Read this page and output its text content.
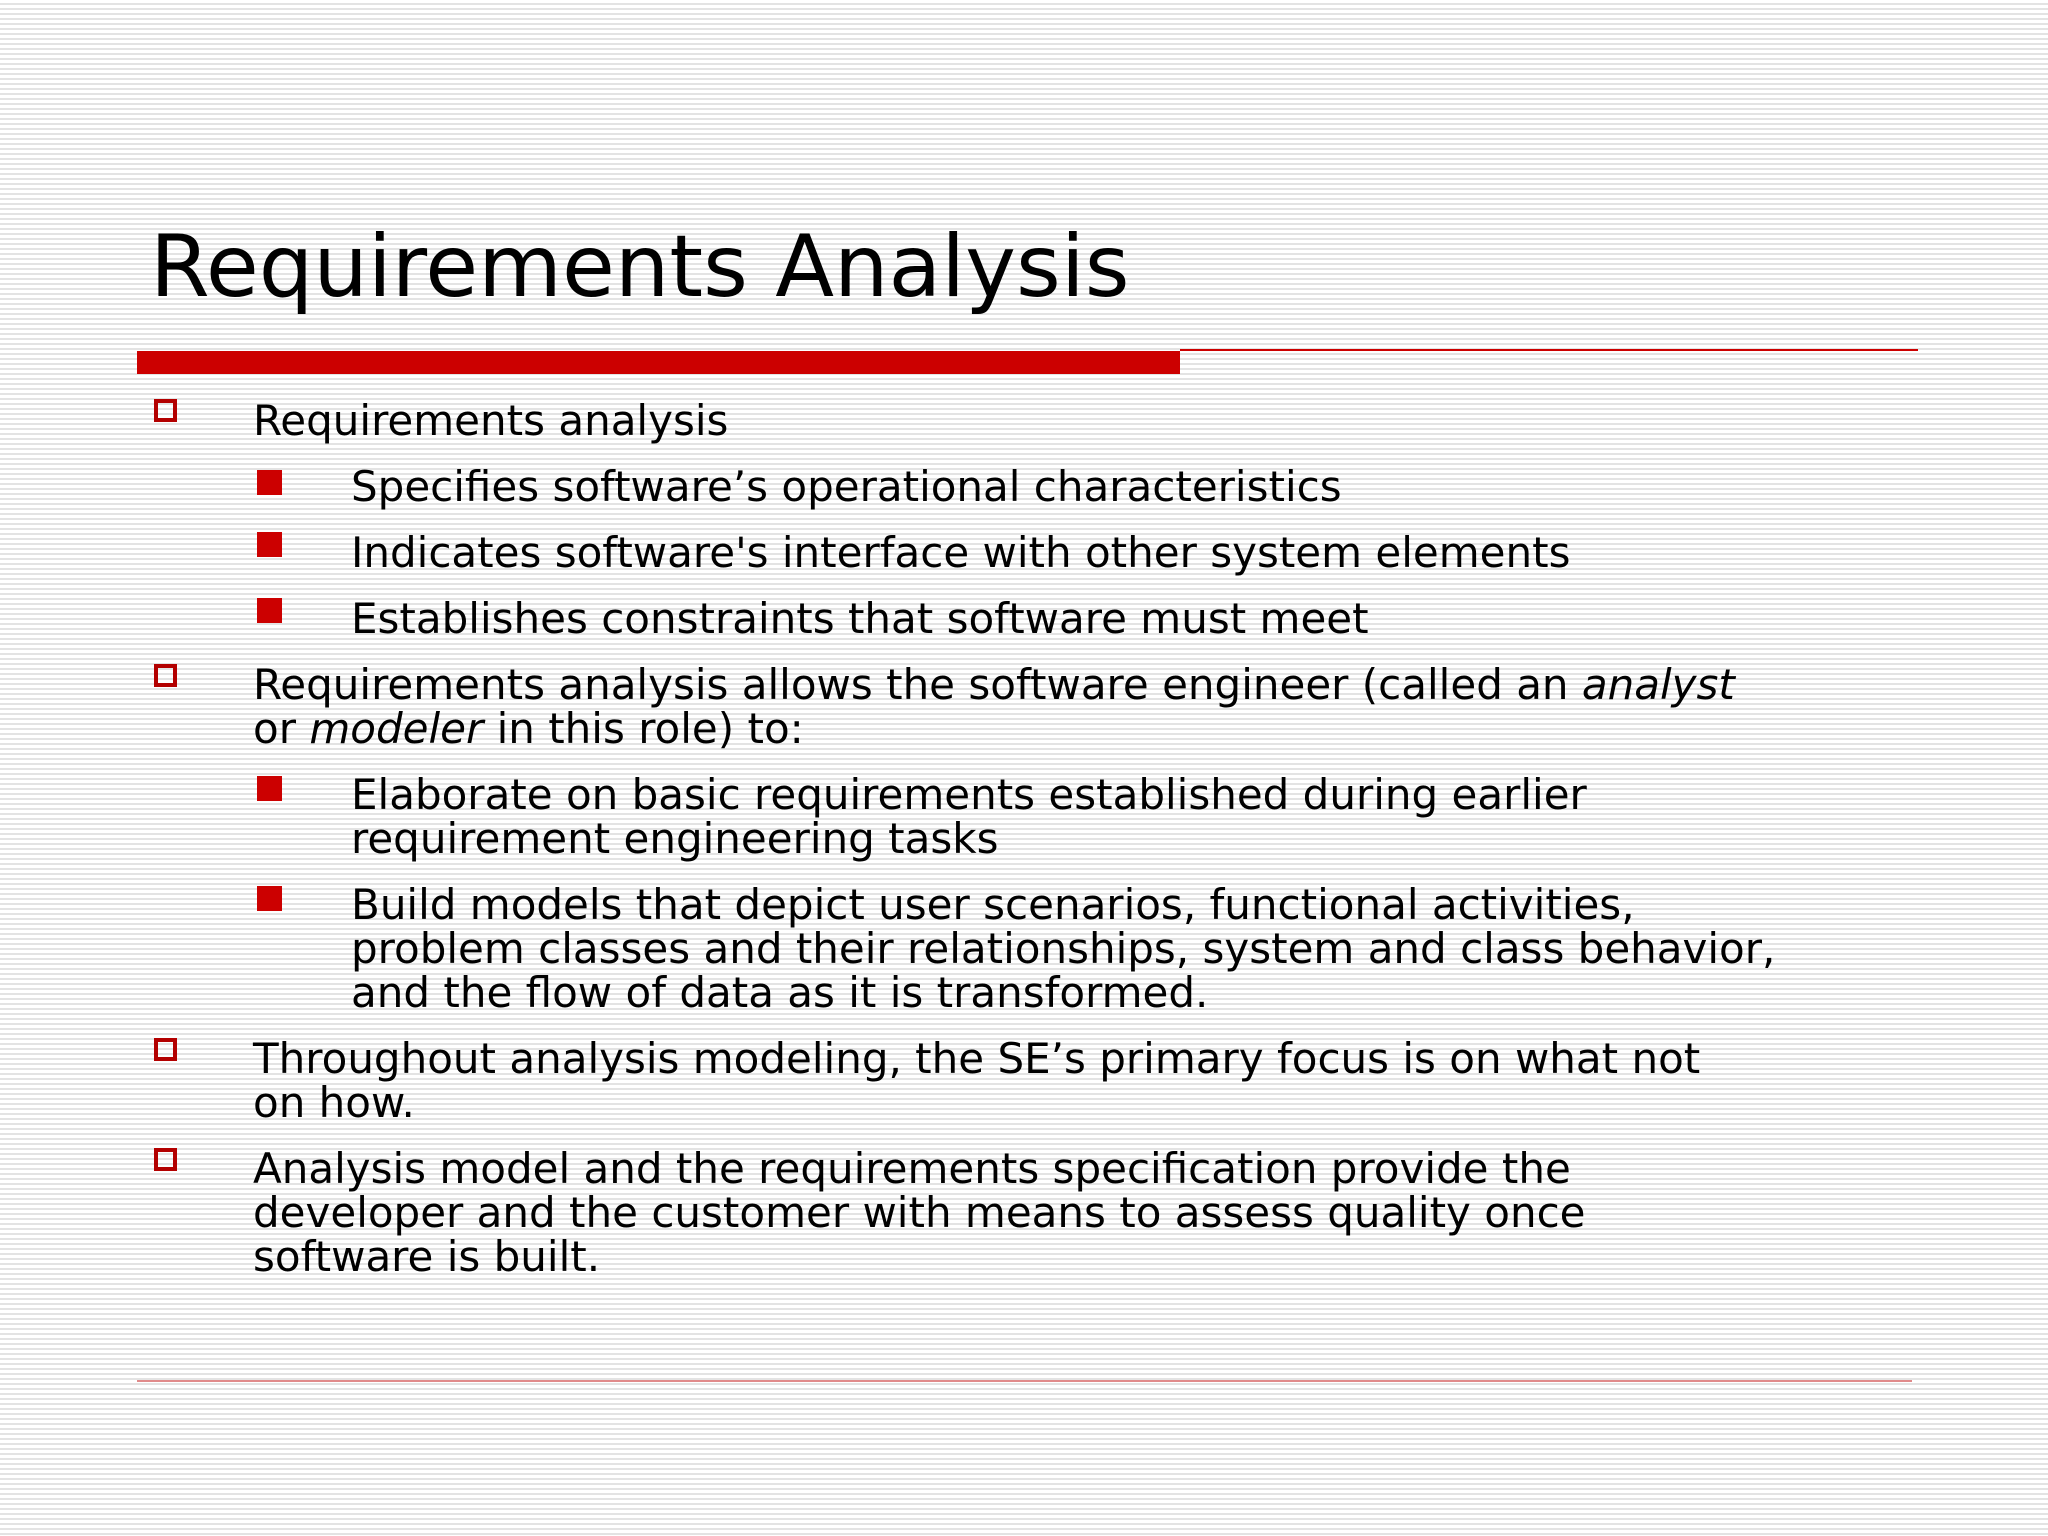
Requirements Analysis
Requirements analysis
Specifies software’s operational characteristics
Indicates software's interface with other system elements
Establishes constraints that software must meet
Requirements analysis allows the software engineer (called an analyst
or modeler in this role) to:
Elaborate on basic requirements established during earlier
requirement engineering tasks
Build models that depict user scenarios, functional activities,
problem classes and their relationships, system and class behavior,
and the flow of data as it is transformed.
Throughout analysis modeling, the SE’s primary focus is on what not
on how.
Analysis model and the requirements specification provide the
developer and the customer with means to assess quality once
software is built.
